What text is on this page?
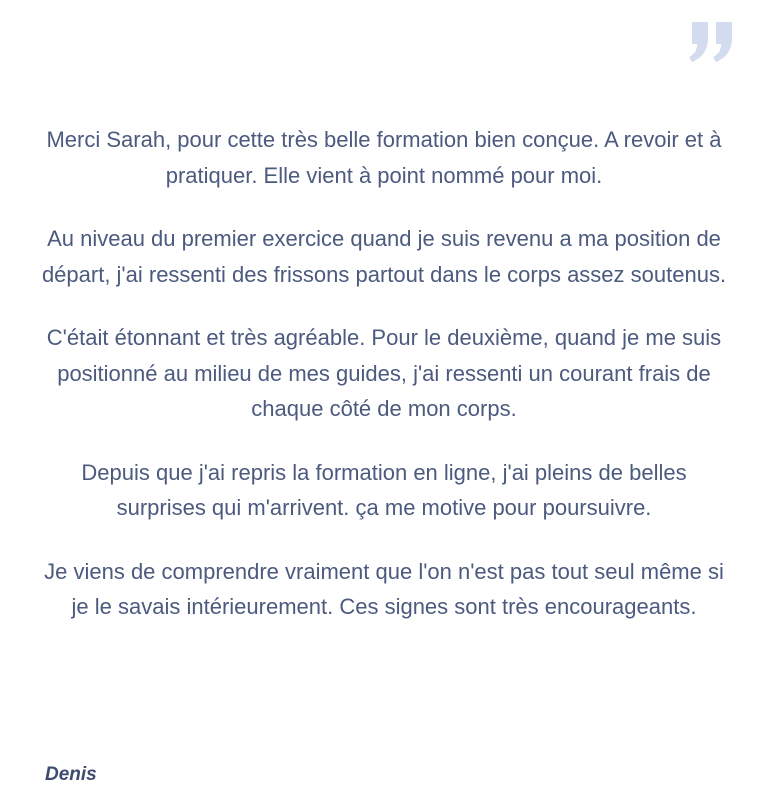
Merci Sarah, pour cette très belle formation bien conçue. A revoir et à pratiquer. Elle vient à point nommé pour moi.

Au niveau du premier exercice quand je suis revenu a ma position de départ, j'ai ressenti des frissons partout dans le corps assez soutenus.

C'était étonnant et très agréable. Pour le deuxième, quand je me suis positionné au milieu de mes guides, j'ai ressenti un courant frais de chaque côté de mon corps.

Depuis que j'ai repris la formation en ligne, j'ai pleins de belles surprises qui m'arrivent. ça me motive pour poursuivre.

Je viens de comprendre vraiment que l'on n'est pas tout seul même si je le savais intérieurement. Ces signes sont très encourageants.

Denis
